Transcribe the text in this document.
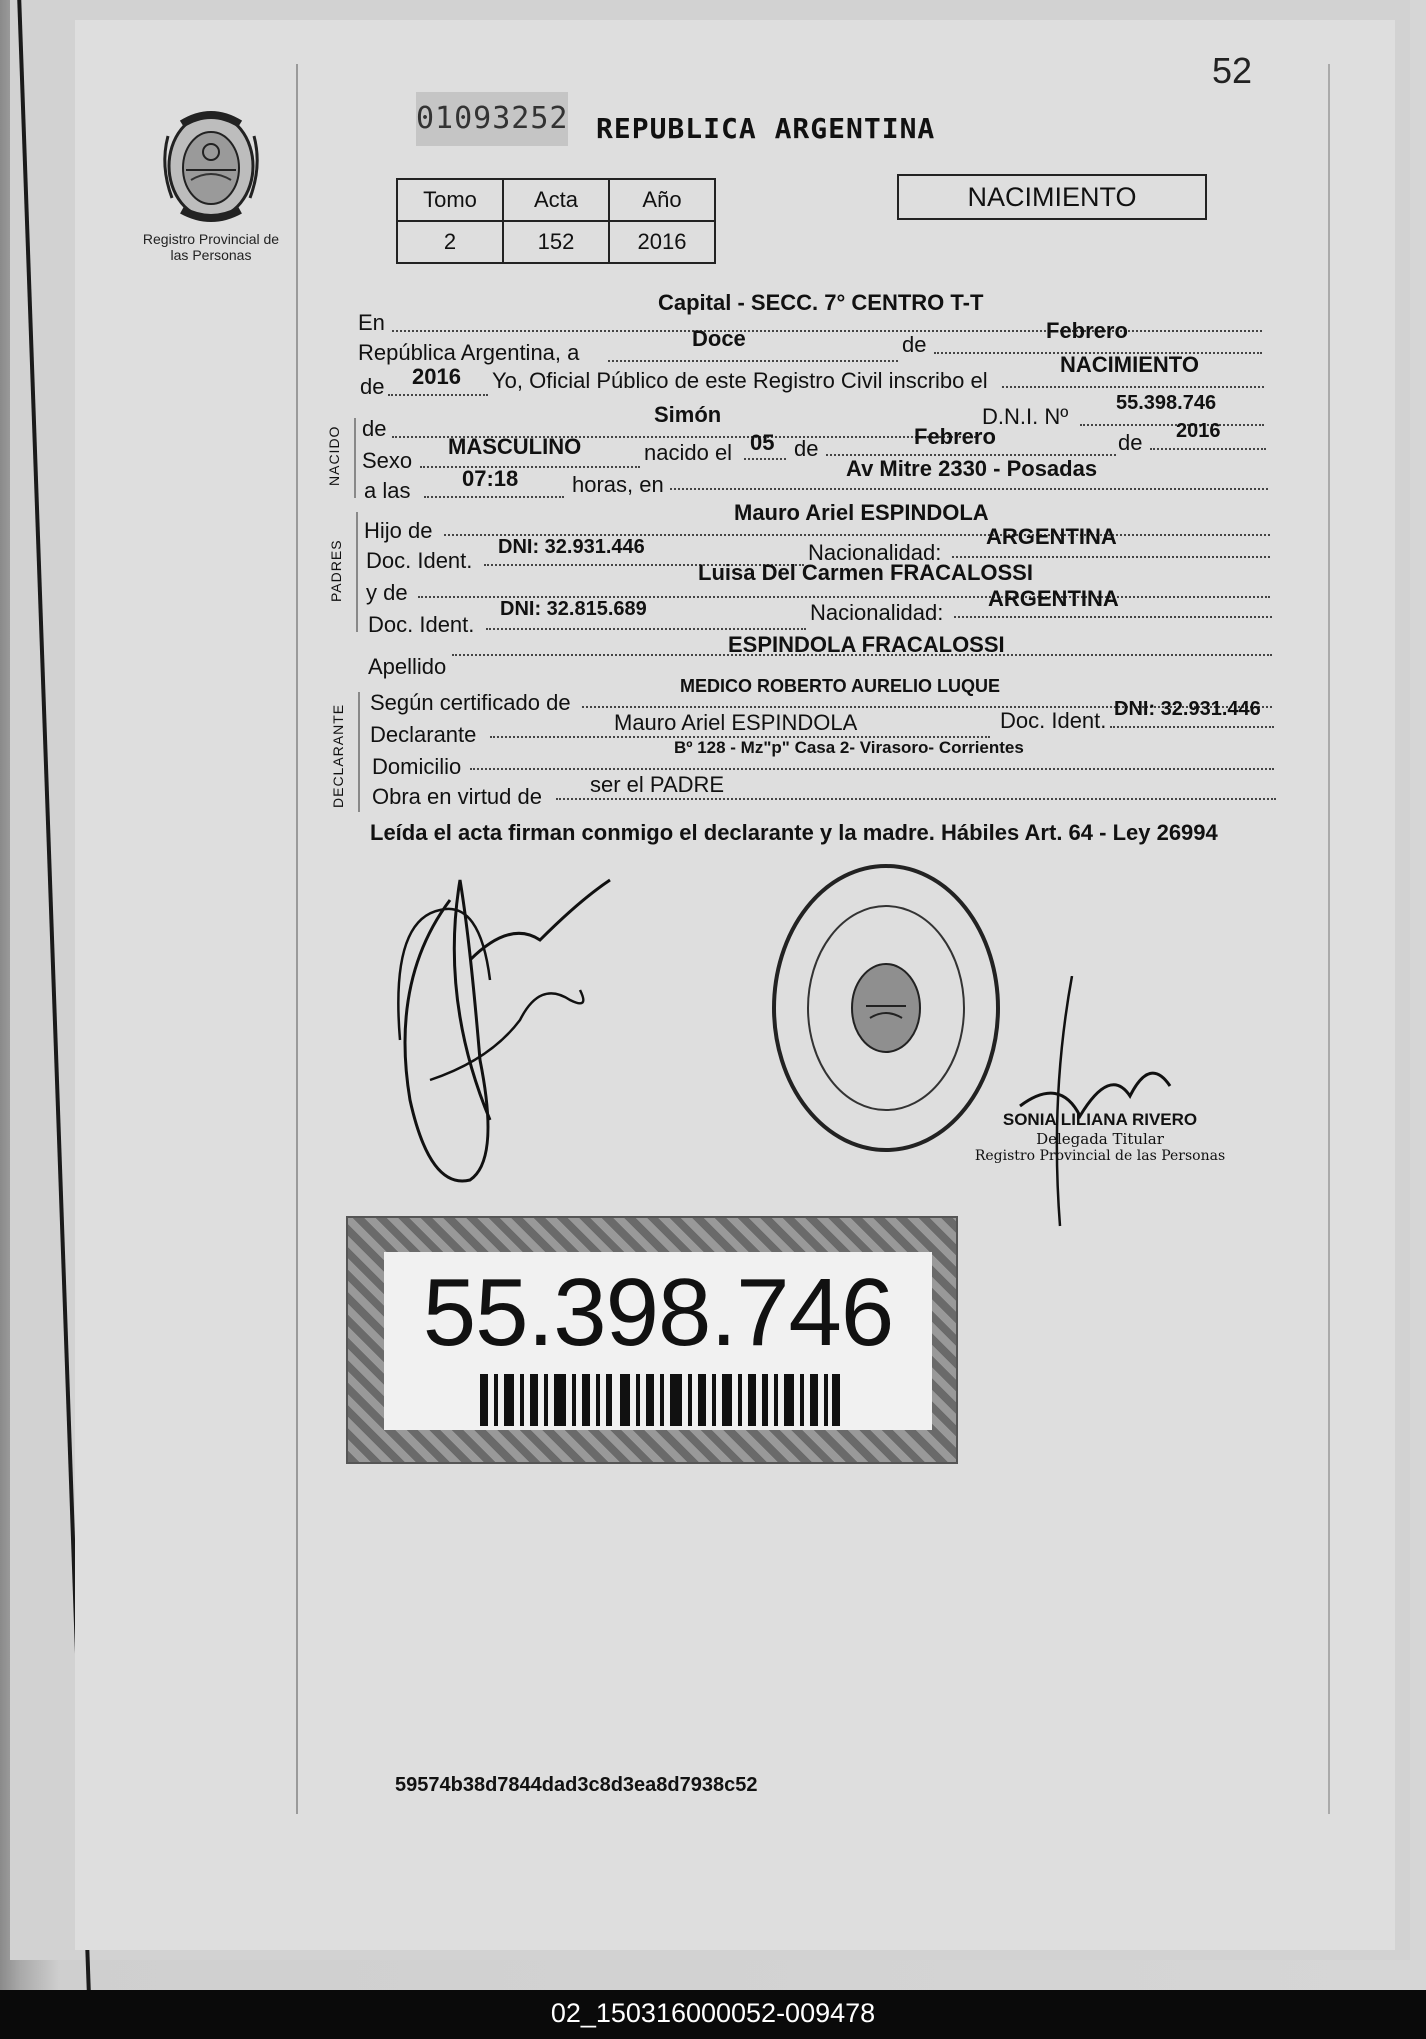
52
Registro Provincial de las Personas
01093252 REPUBLICA ARGENTINA
Tomo	Acta	Año
2	152	2016
NACIMIENTO
En
Capital - SECC. 7° CENTRO T-T
República Argentina, a
Doce	de
Febrero
de 2016 Yo, Oficial Público de este Registro Civil inscribo el
NACIMIENTO
NACIDO de
Simón	D.N.I. Nº
55.398.746
Sexo
MASCULINO	nacido el 05 de	Febrero	de 2016
a las 07:18 horas, en
Av Mitre 2330 - Posadas
PADRES
Hijo de
Mauro Ariel ESPINDOLA
Doc. Ident.
DNI: 32.931.446	Nacionalidad:
ARGENTINA
y de
Luisa Del Carmen FRACALOSSI
Doc. Ident.
DNI: 32.815.689	Nacionalidad:
ARGENTINA
Apellido
ESPINDOLA FRACALOSSI
DECLARANTE
Según certificado de
MEDICO ROBERTO AURELIO LUQUE
Declarante	Mauro Ariel ESPINDOLA	Doc. Ident. DNI: 32.931.446
Domicilio
Bº 128 - Mz"p" Casa 2- Virasoro- Corrientes
Obra en virtud de ser el PADRE
Leída el acta firman conmigo el declarante y la madre. Hábiles Art. 64 - Ley 26994
SONIA LILIANA RIVERO
Delegada Titular
Registro Provincial de las Personas
55.398.746
59574b38d7844dad3c8d3ea8d7938c52
02_150316000052-009478
